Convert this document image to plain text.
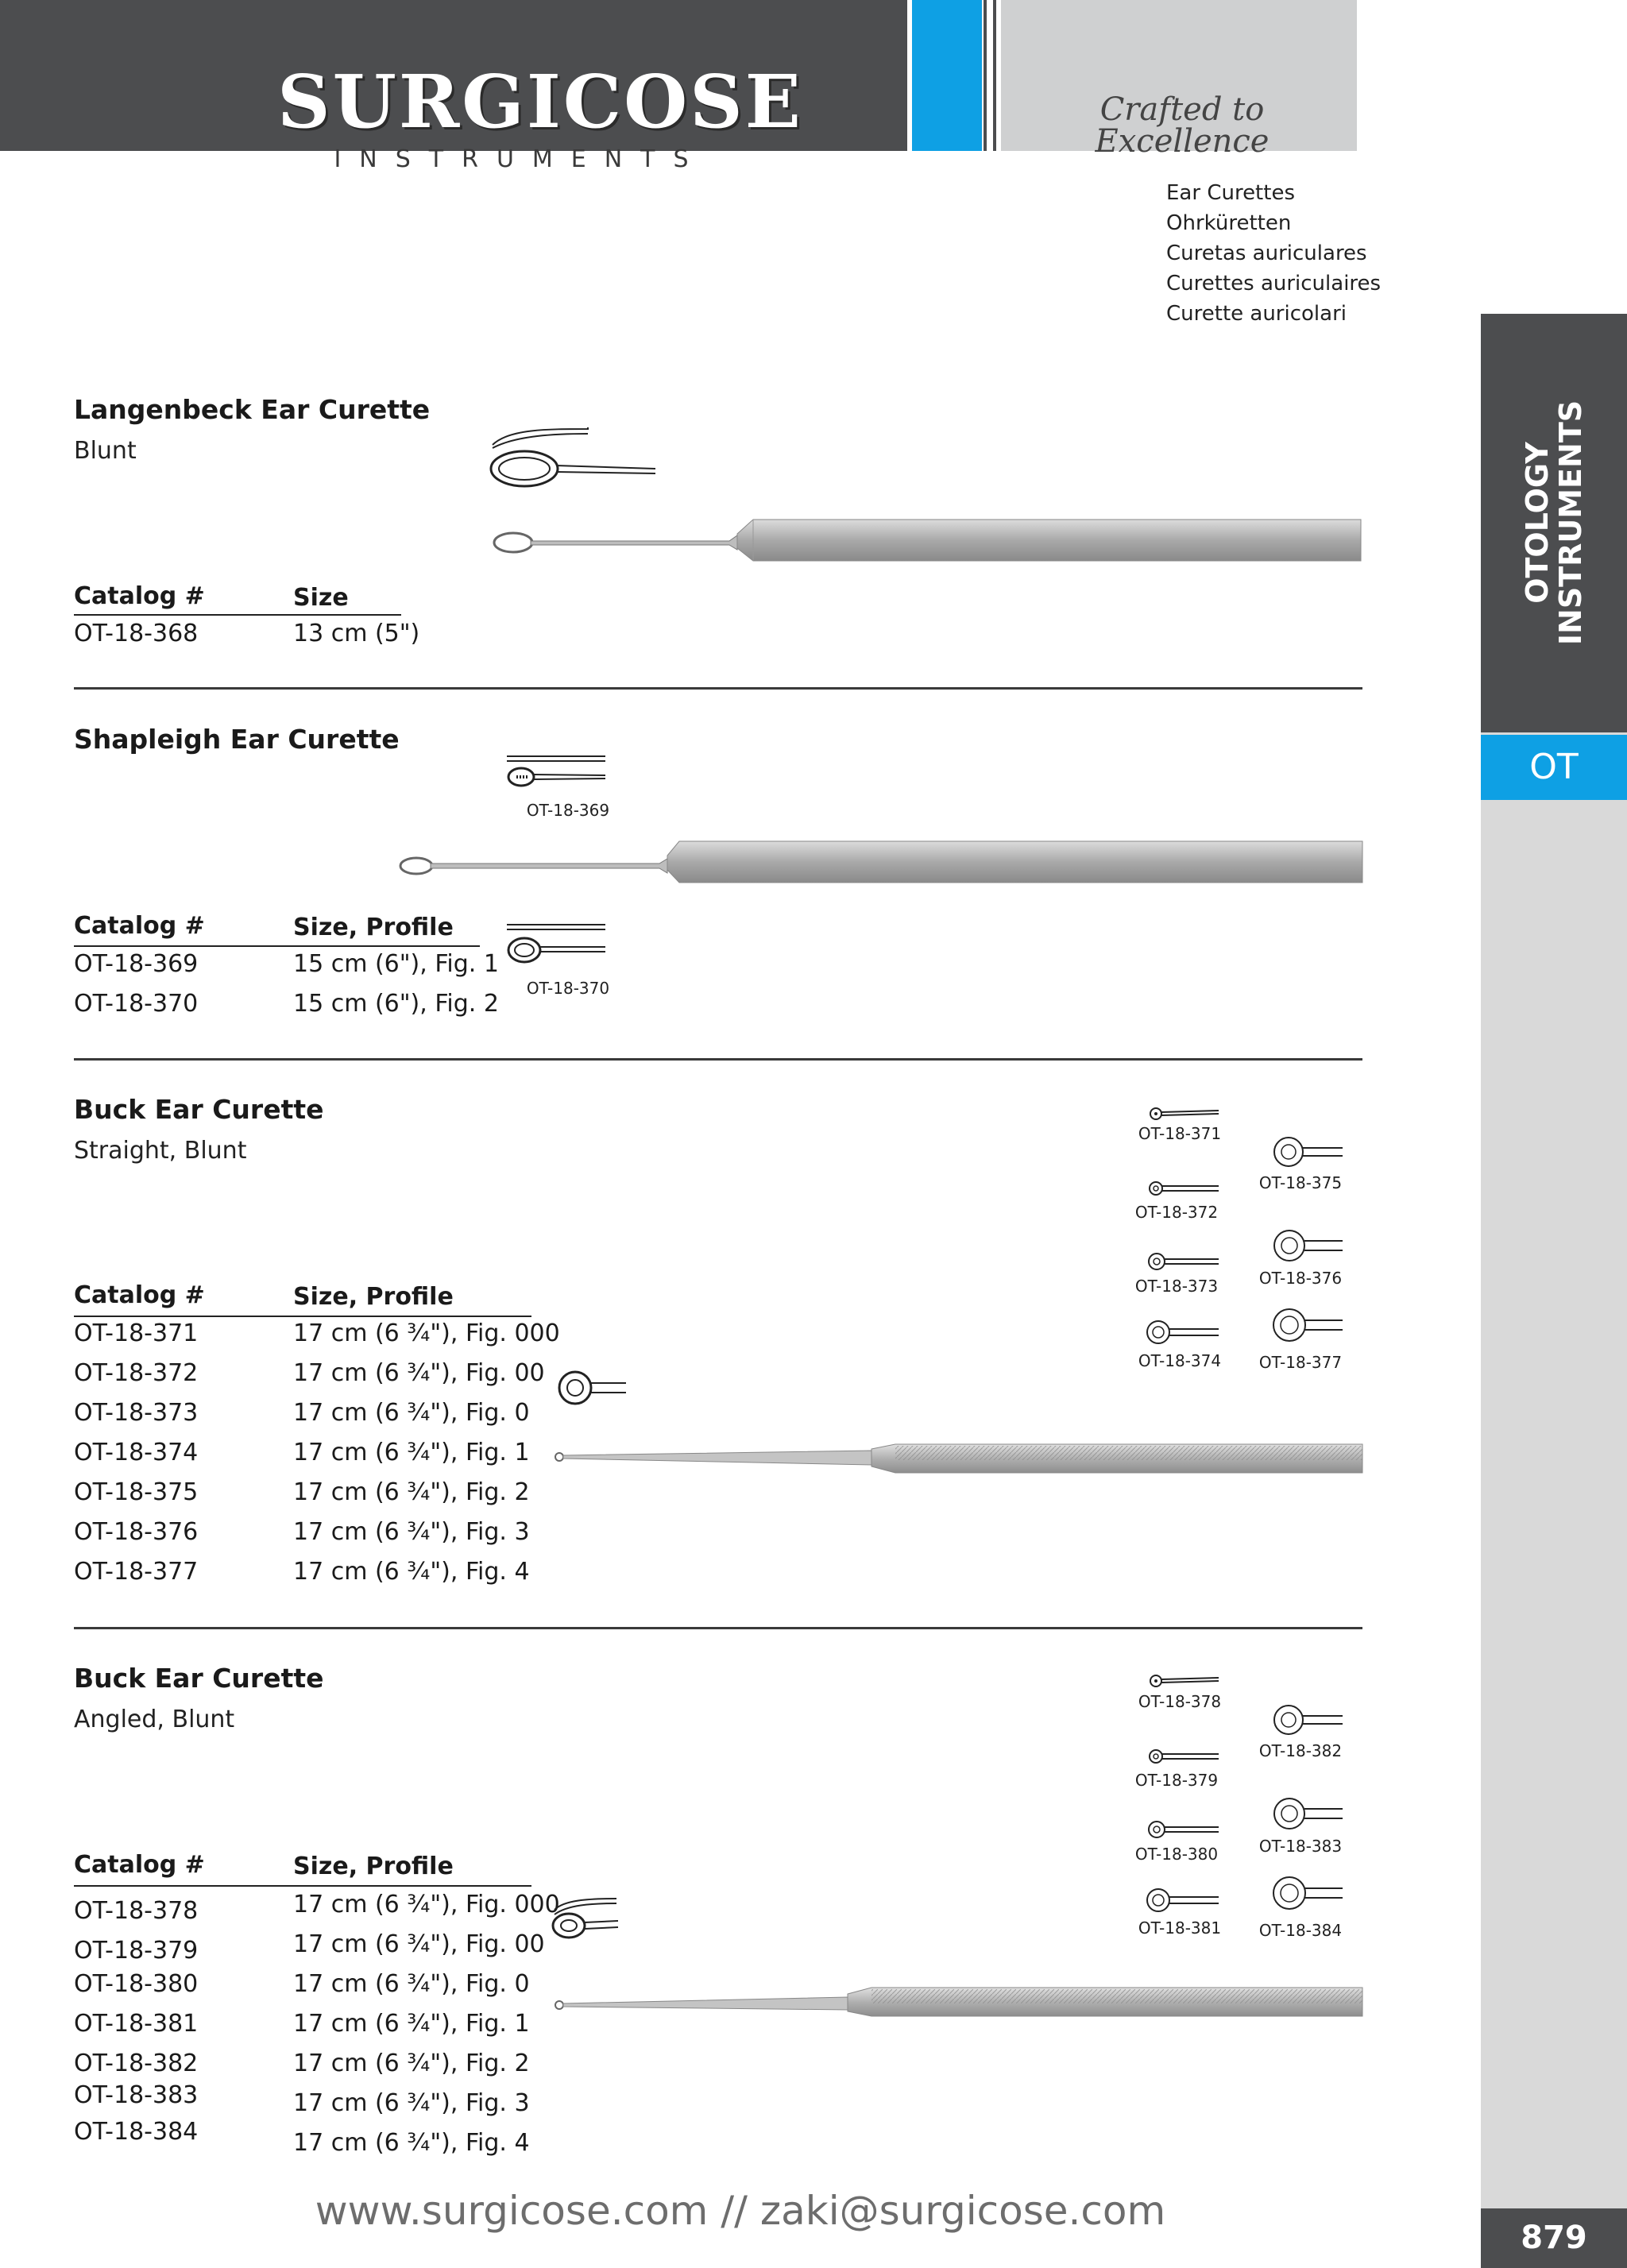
SURGICOSE
INSTRUMENTS
Crafted to Excellence
Ear Curettes
Ohrküretten
Curetas auriculares
Curettes auriculaires
Curette auricolari
OTOLOGY
INSTRUMENTS
OT
879
Langenbeck Ear Curette
Blunt
Catalog #	Size
OT-18-368	13 cm (5")
Shapleigh Ear Curette
OT-18-369
Catalog #	Size, Profile
OT-18-369	15 cm (6"), Fig. 1
OT-18-370	15 cm (6"), Fig. 2
OT-18-370
Buck Ear Curette
Straight, Blunt
OT-18-371
OT-18-372
OT-18-373
OT-18-374
OT-18-375
OT-18-376
OT-18-377
Catalog #	Size, Profile
OT-18-371	17 cm (6 ¾"), Fig. 000
OT-18-372	17 cm (6 ¾"), Fig. 00
OT-18-373	17 cm (6 ¾"), Fig. 0
OT-18-374	17 cm (6 ¾"), Fig. 1
OT-18-375	17 cm (6 ¾"), Fig. 2
OT-18-376	17 cm (6 ¾"), Fig. 3
OT-18-377	17 cm (6 ¾"), Fig. 4
Buck Ear Curette
Angled, Blunt
OT-18-378
OT-18-379
OT-18-380
OT-18-381
OT-18-382
OT-18-383
OT-18-384
Catalog #	Size, Profile
OT-18-378	17 cm (6 ¾"), Fig. 000
OT-18-379	17 cm (6 ¾"), Fig. 00
OT-18-380	17 cm (6 ¾"), Fig. 0
OT-18-381	17 cm (6 ¾"), Fig. 1
OT-18-382	17 cm (6 ¾"), Fig. 2
OT-18-383	17 cm (6 ¾"), Fig. 3
OT-18-384	17 cm (6 ¾"), Fig. 4
www.surgicose.com // zaki@surgicose.com
